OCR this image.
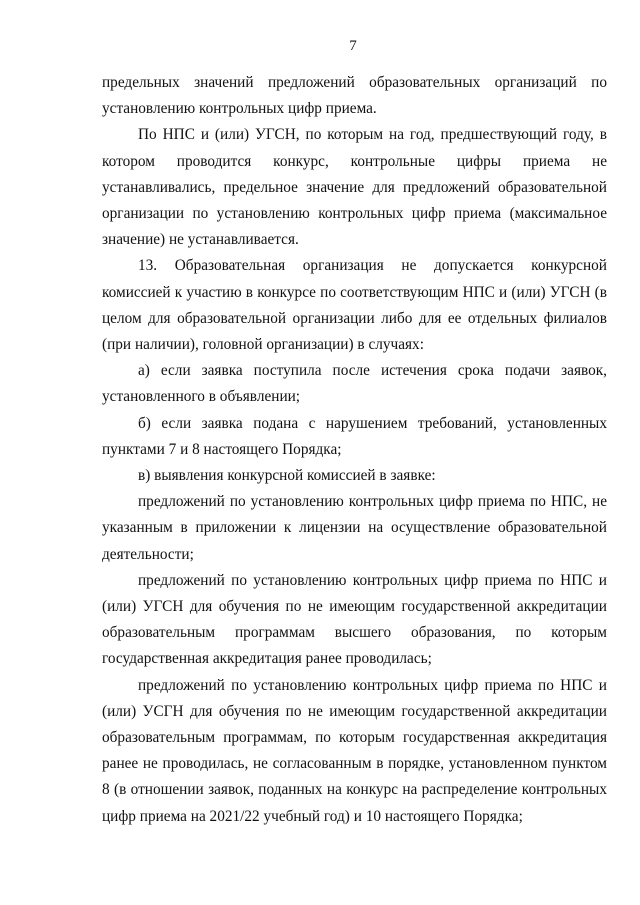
7

предельных значений предложений образовательных организаций по установлению контрольных цифр приема.

По НПС и (или) УГСН, по которым на год, предшествующий году, в котором проводится конкурс, контрольные цифры приема не устанавливались, предельное значение для предложений образовательной организации по установлению контрольных цифр приема (максимальное значение) не устанавливается.

13. Образовательная организация не допускается конкурсной комиссией к участию в конкурсе по соответствующим НПС и (или) УГСН (в целом для образовательной организации либо для ее отдельных филиалов (при наличии), головной организации) в случаях:

а) если заявка поступила после истечения срока подачи заявок, установленного в объявлении;

б) если заявка подана с нарушением требований, установленных пунктами 7 и 8 настоящего Порядка;

в) выявления конкурсной комиссией в заявке:

предложений по установлению контрольных цифр приема по НПС, не указанным в приложении к лицензии на осуществление образовательной деятельности;

предложений по установлению контрольных цифр приема по НПС и (или) УГСН для обучения по не имеющим государственной аккредитации образовательным программам высшего образования, по которым государственная аккредитация ранее проводилась;

предложений по установлению контрольных цифр приема по НПС и (или) УСГН для обучения по не имеющим государственной аккредитации образовательным программам, по которым государственная аккредитация ранее не проводилась, не согласованным в порядке, установленном пунктом 8 (в отношении заявок, поданных на конкурс на распределение контрольных цифр приема на 2021/22 учебный год) и 10 настоящего Порядка;
